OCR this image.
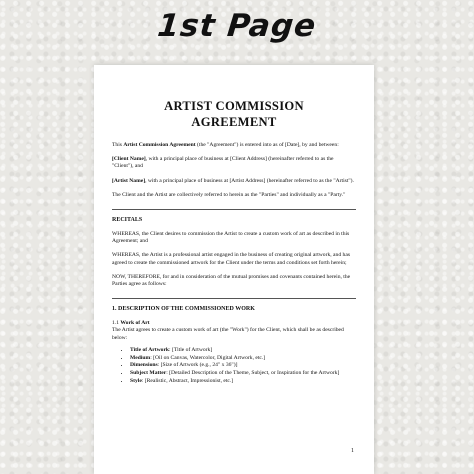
1st Page
ARTIST COMMISSION
AGREEMENT

This Artist Commission Agreement (the "Agreement") is entered into as of [Date], by and between:

[Client Name], with a principal place of business at [Client Address] (hereinafter referred to as the "Client"), and

[Artist Name], with a principal place of business at [Artist Address] (hereinafter referred to as the "Artist").

The Client and the Artist are collectively referred to herein as the "Parties" and individually as a "Party."

RECITALS

WHEREAS, the Client desires to commission the Artist to create a custom work of art as described in this Agreement; and

WHEREAS, the Artist is a professional artist engaged in the business of creating original artwork, and has agreed to create the commissioned artwork for the Client under the terms and conditions set forth herein;

NOW, THEREFORE, for and in consideration of the mutual promises and covenants contained herein, the Parties agree as follows:

1. DESCRIPTION OF THE COMMISSIONED WORK

1.1 Work of Art

The Artist agrees to create a custom work of art (the "Work") for the Client, which shall be as described below:

• Title of Artwork: [Title of Artwork]
• Medium: [Oil on Canvas, Watercolor, Digital Artwork, etc.]
• Dimensions: [Size of Artwork (e.g., 24" x 36")]
• Subject Matter: [Detailed Description of the Theme, Subject, or Inspiration for the Artwork]
• Style: [Realistic, Abstract, Impressionist, etc.]
1
